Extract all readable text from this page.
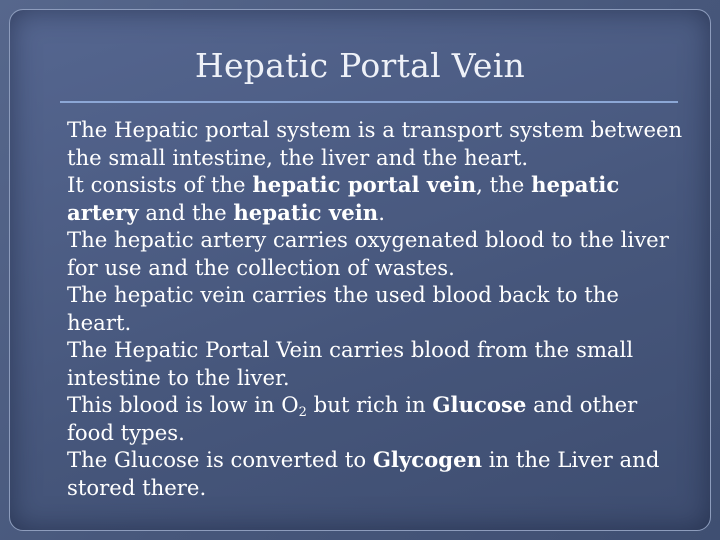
Hepatic Portal Vein
The Hepatic portal system is a transport system between the small intestine, the liver and the heart.
It consists of the hepatic portal vein, the hepatic artery and the hepatic vein.
The hepatic artery carries oxygenated blood to the liver for use and the collection of wastes.
The hepatic vein carries the used blood back to the heart.
The Hepatic Portal Vein carries blood from the small intestine to the liver.
This blood is low in $O_2$ but rich in Glucose and other food types.
The Glucose is converted to Glycogen in the Liver and stored there.
